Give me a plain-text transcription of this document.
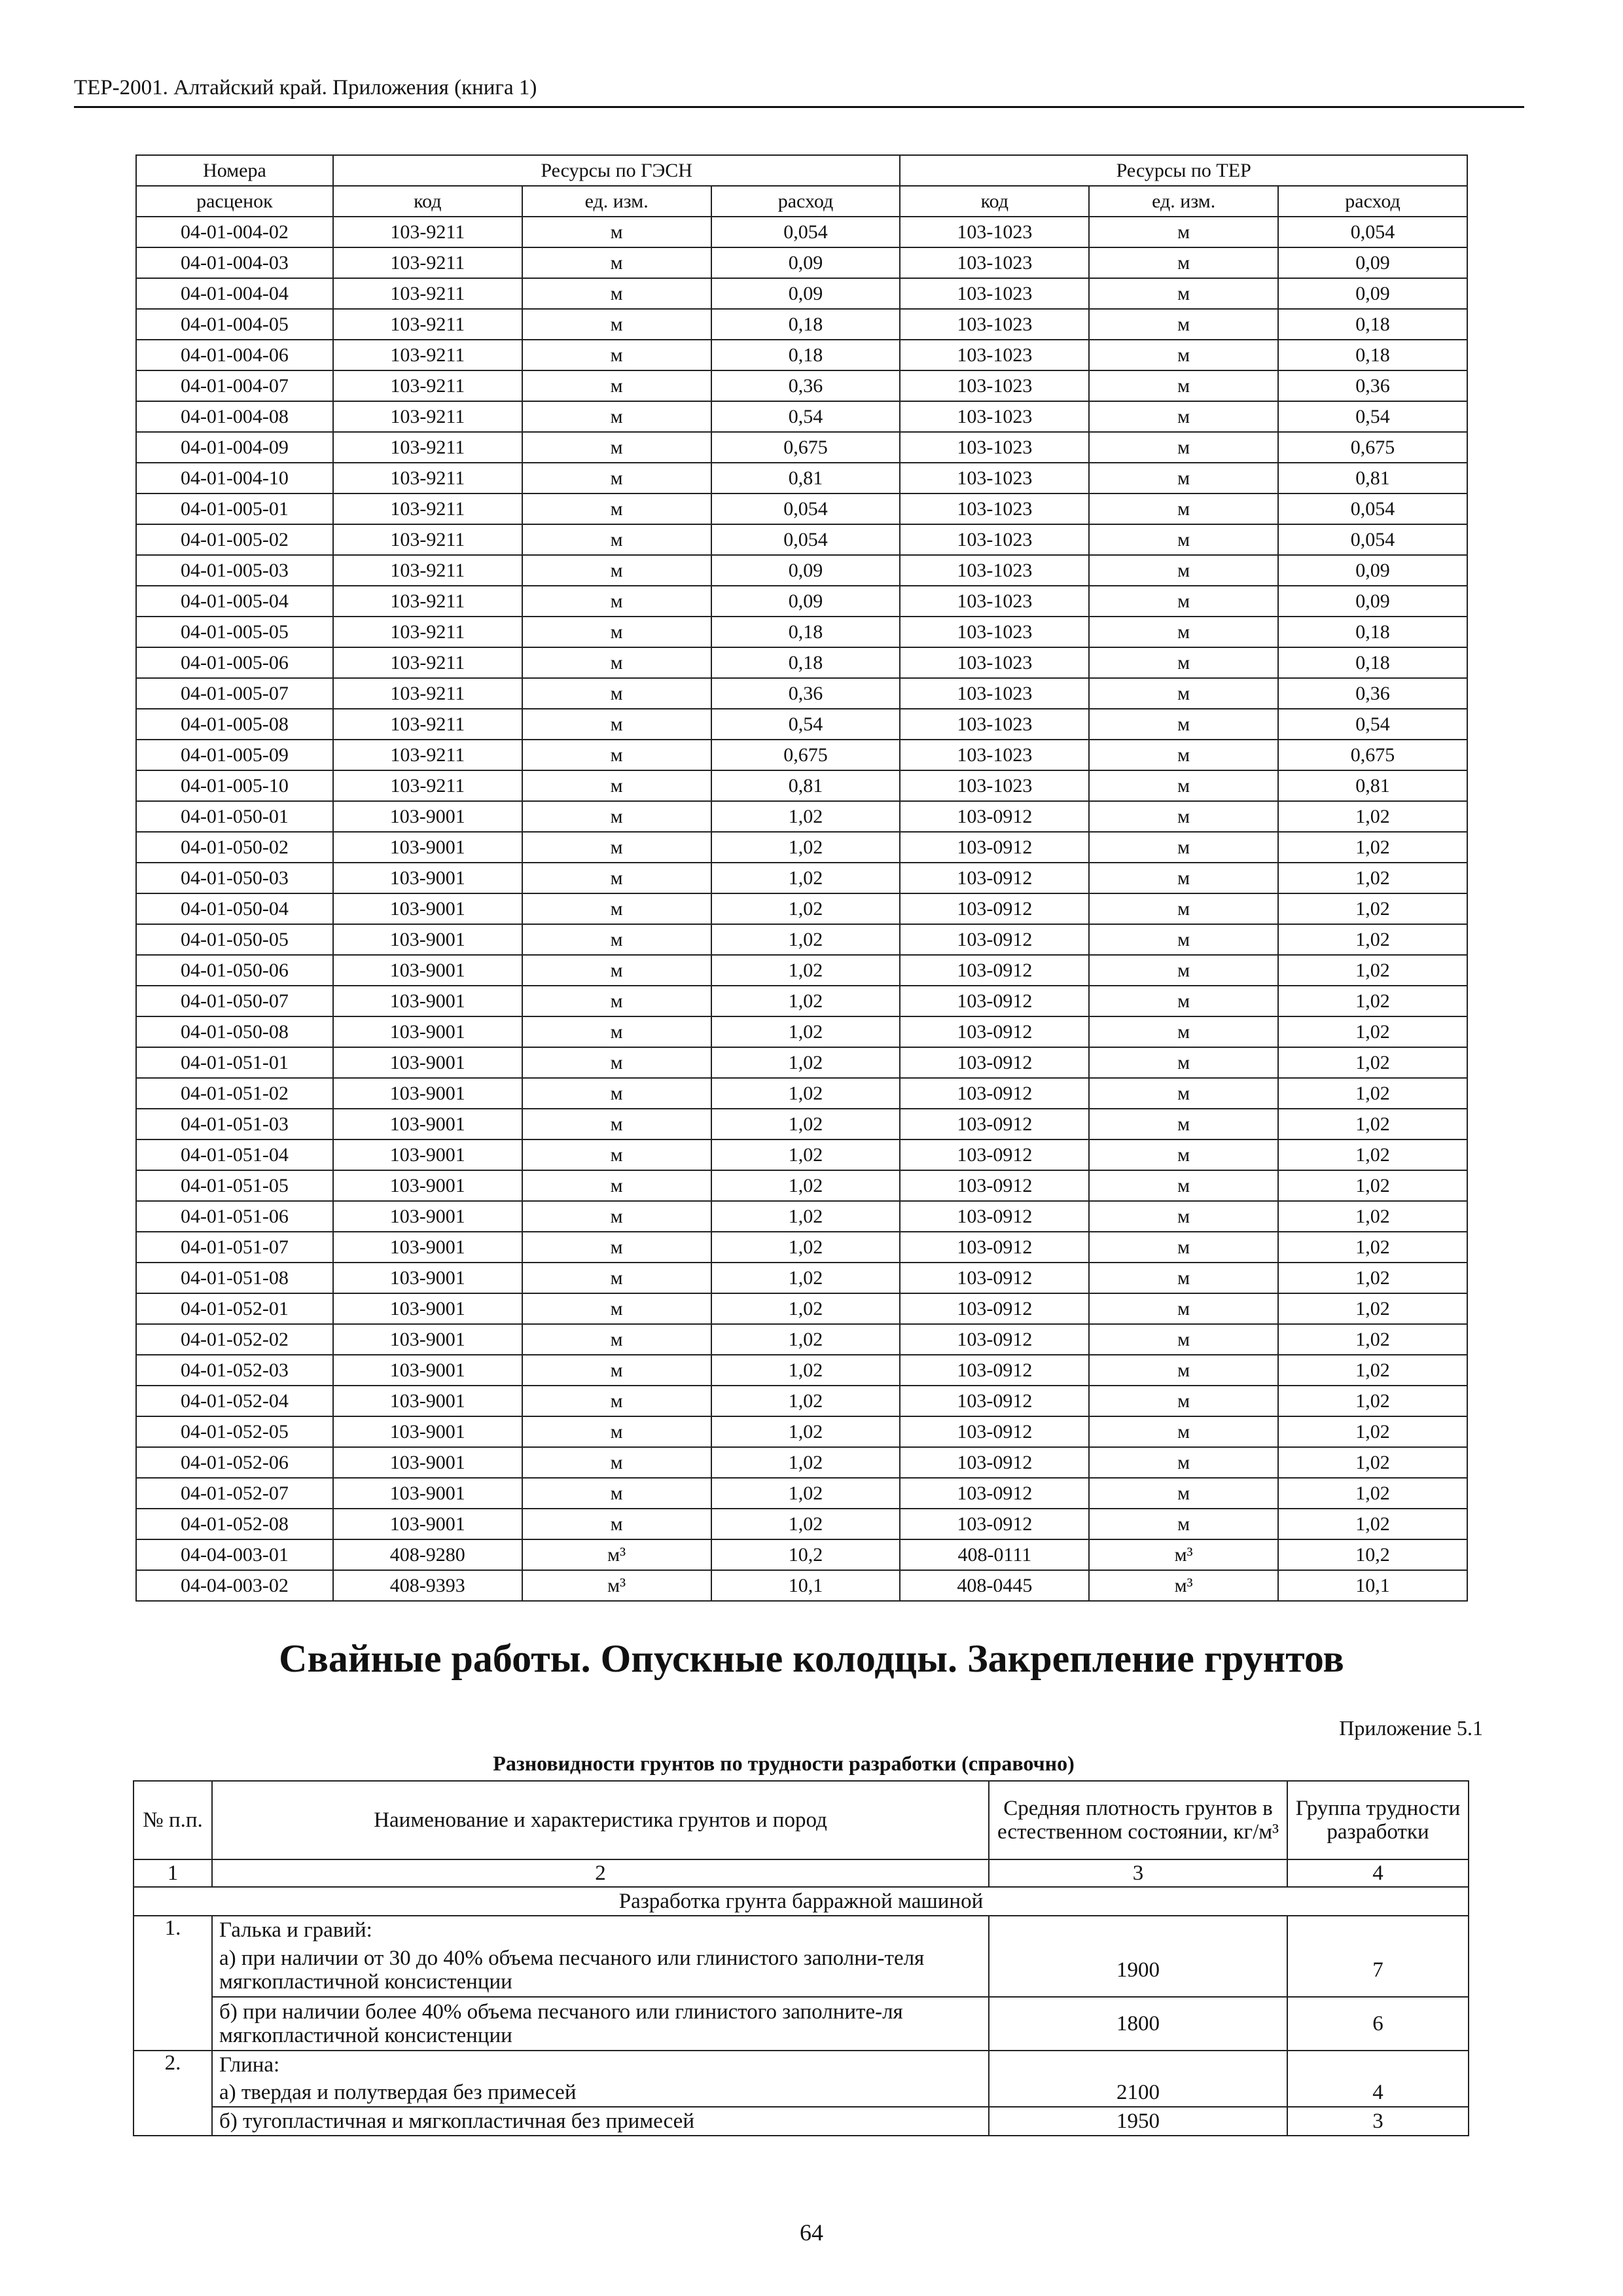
ТЕР-2001. Алтайский край. Приложения (книга 1)
Номера	Ресурсы по ГЭСН			Ресурсы по ТЕР		
расценок	код	ед. изм.	расход	код	ед. изм.	расход
04-01-004-02	103-9211	м	0,054	103-1023	м	0,054
04-01-004-03	103-9211	м	0,09	103-1023	м	0,09
04-01-004-04	103-9211	м	0,09	103-1023	м	0,09
04-01-004-05	103-9211	м	0,18	103-1023	м	0,18
04-01-004-06	103-9211	м	0,18	103-1023	м	0,18
04-01-004-07	103-9211	м	0,36	103-1023	м	0,36
04-01-004-08	103-9211	м	0,54	103-1023	м	0,54
04-01-004-09	103-9211	м	0,675	103-1023	м	0,675
04-01-004-10	103-9211	м	0,81	103-1023	м	0,81
04-01-005-01	103-9211	м	0,054	103-1023	м	0,054
04-01-005-02	103-9211	м	0,054	103-1023	м	0,054
04-01-005-03	103-9211	м	0,09	103-1023	м	0,09
04-01-005-04	103-9211	м	0,09	103-1023	м	0,09
04-01-005-05	103-9211	м	0,18	103-1023	м	0,18
04-01-005-06	103-9211	м	0,18	103-1023	м	0,18
04-01-005-07	103-9211	м	0,36	103-1023	м	0,36
04-01-005-08	103-9211	м	0,54	103-1023	м	0,54
04-01-005-09	103-9211	м	0,675	103-1023	м	0,675
04-01-005-10	103-9211	м	0,81	103-1023	м	0,81
04-01-050-01	103-9001	м	1,02	103-0912	м	1,02
04-01-050-02	103-9001	м	1,02	103-0912	м	1,02
04-01-050-03	103-9001	м	1,02	103-0912	м	1,02
04-01-050-04	103-9001	м	1,02	103-0912	м	1,02
04-01-050-05	103-9001	м	1,02	103-0912	м	1,02
04-01-050-06	103-9001	м	1,02	103-0912	м	1,02
04-01-050-07	103-9001	м	1,02	103-0912	м	1,02
04-01-050-08	103-9001	м	1,02	103-0912	м	1,02
04-01-051-01	103-9001	м	1,02	103-0912	м	1,02
04-01-051-02	103-9001	м	1,02	103-0912	м	1,02
04-01-051-03	103-9001	м	1,02	103-0912	м	1,02
04-01-051-04	103-9001	м	1,02	103-0912	м	1,02
04-01-051-05	103-9001	м	1,02	103-0912	м	1,02
04-01-051-06	103-9001	м	1,02	103-0912	м	1,02
04-01-051-07	103-9001	м	1,02	103-0912	м	1,02
04-01-051-08	103-9001	м	1,02	103-0912	м	1,02
04-01-052-01	103-9001	м	1,02	103-0912	м	1,02
04-01-052-02	103-9001	м	1,02	103-0912	м	1,02
04-01-052-03	103-9001	м	1,02	103-0912	м	1,02
04-01-052-04	103-9001	м	1,02	103-0912	м	1,02
04-01-052-05	103-9001	м	1,02	103-0912	м	1,02
04-01-052-06	103-9001	м	1,02	103-0912	м	1,02
04-01-052-07	103-9001	м	1,02	103-0912	м	1,02
04-01-052-08	103-9001	м	1,02	103-0912	м	1,02
04-04-003-01	408-9280	м³	10,2	408-0111	м³	10,2
04-04-003-02	408-9393	м³	10,1	408-0445	м³	10,1
Свайные работы. Опускные колодцы. Закрепление грунтов
Приложение 5.1
Разновидности грунтов по трудности разработки (справочно)
№ п.п.	Наименование и характеристика грунтов и пород	Средняя плотность грунтов в естественном состоянии, кг/м³	Группа трудности разработки
1	2	3	4
Разработка грунта барражной машиной			
1.	Галька и гравий:		
	а) при наличии от 30 до 40% объема песчаного или глинистого заполни-теля мягкопластичной консистенции	1900	7
	б) при наличии более 40% объема песчаного или глинистого заполните-ля мягкопластичной консистенции	1800	6
2.	Глина:		
	а) твердая и полутвердая без примесей	2100	4
	б) тугопластичная и мягкопластичная без примесей	1950	3
64
